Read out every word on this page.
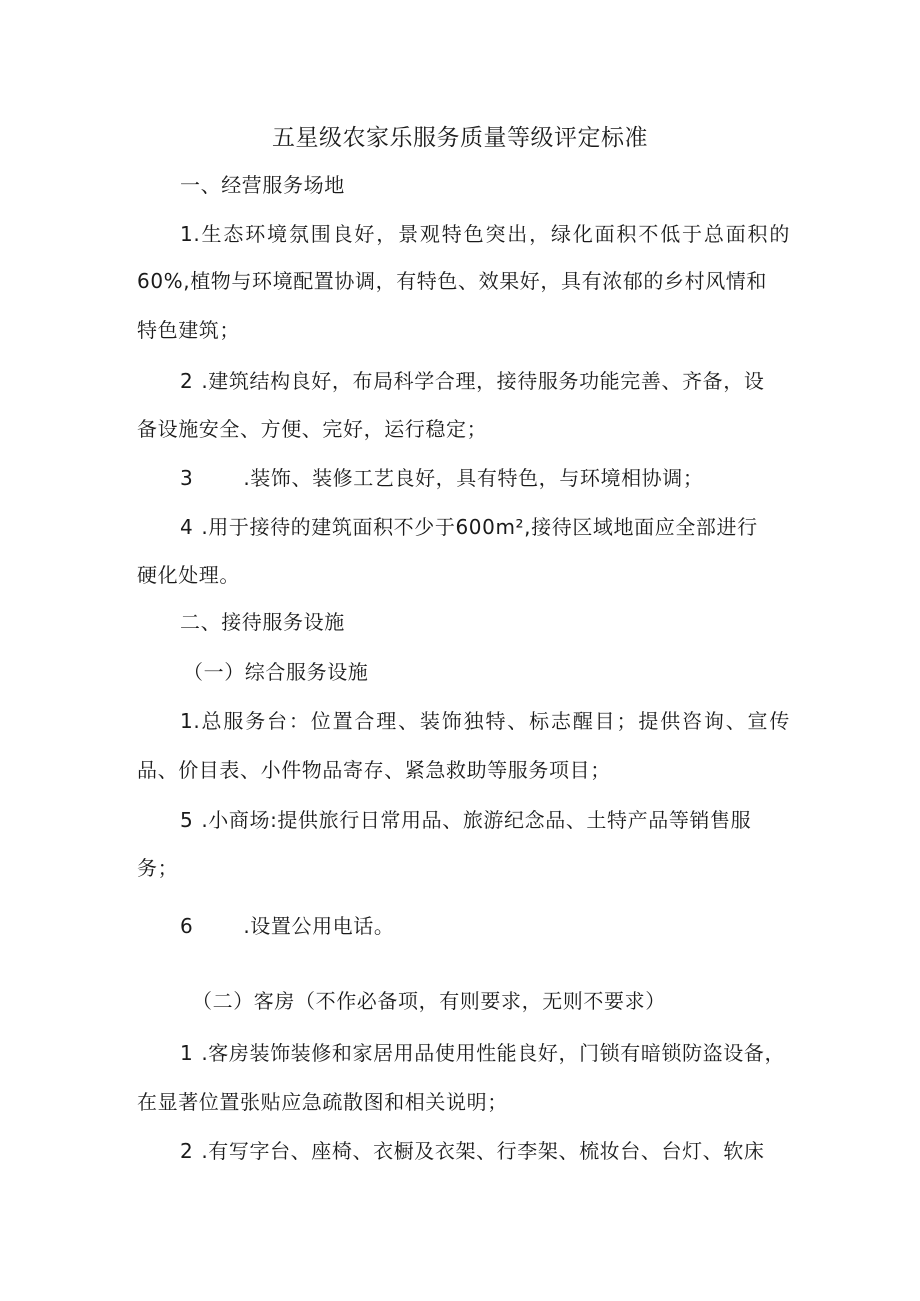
五星级农家乐服务质量等级评定标准
一、经营服务场地
1.生态环境氛围良好，景观特色突出，绿化面积不低于总面积的
60%,植物与环境配置协调，有特色、效果好，具有浓郁的乡村风情和
特色建筑；
2 .建筑结构良好，布局科学合理，接待服务功能完善、齐备，设
备设施安全、方便、完好，运行稳定；
3	.装饰、装修工艺良好，具有特色，与环境相协调；
4 .用于接待的建筑面积不少于600m²,接待区域地面应全部进行
硬化处理。
二、接待服务设施
（一）综合服务设施
1.总服务台：位置合理、装饰独特、标志醒目；提供咨询、宣传
品、价目表、小件物品寄存、紧急救助等服务项目；
5 .小商场:提供旅行日常用品、旅游纪念品、土特产品等销售服
务；
6	.设置公用电话。
（二）客房（不作必备项，有则要求，无则不要求）
1 .客房装饰装修和家居用品使用性能良好，门锁有暗锁防盗设备，
在显著位置张贴应急疏散图和相关说明；
2 .有写字台、座椅、衣橱及衣架、行李架、梳妆台、台灯、软床
